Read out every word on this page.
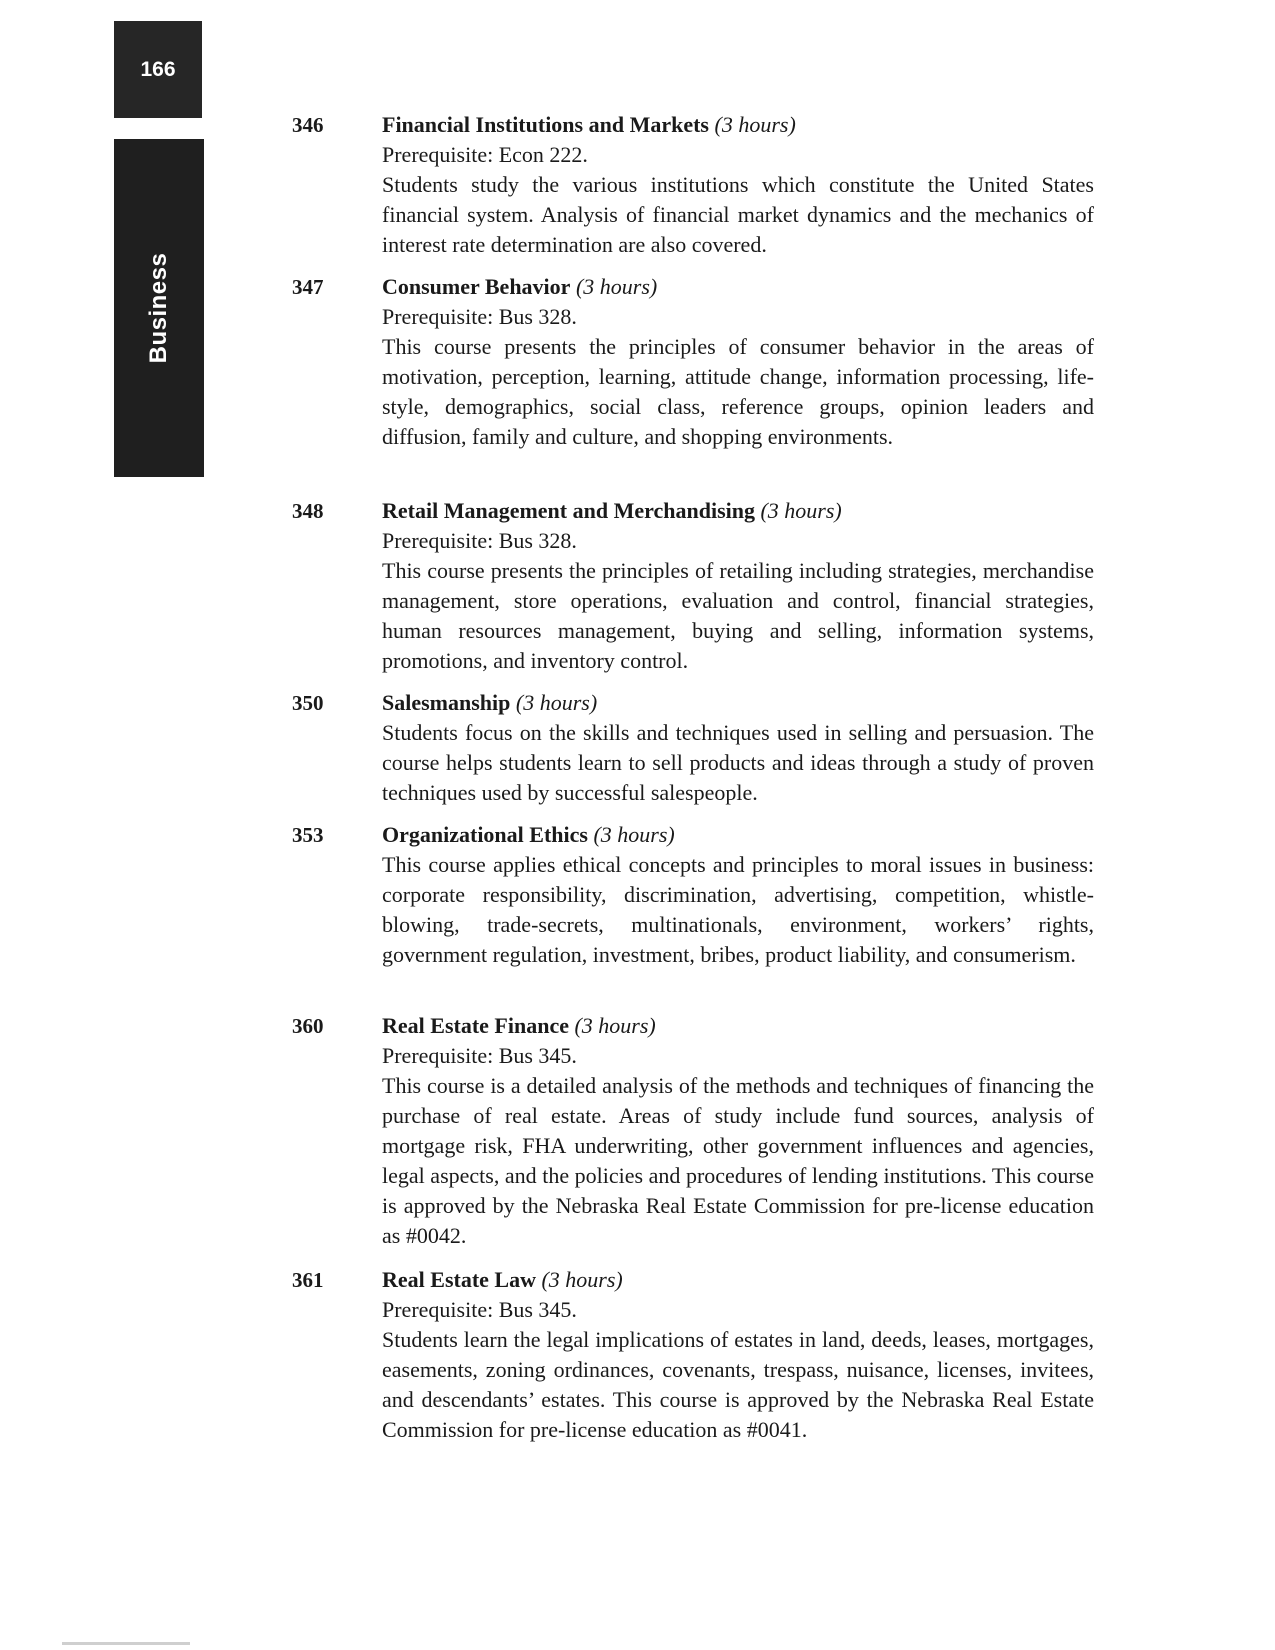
166
Business
346	Financial Institutions and Markets (3 hours)
Prerequisite: Econ 222.

Students study the various institutions which constitute the United States financial system. Analysis of financial market dynamics and the mechanics of interest rate determination are also covered.

347	Consumer Behavior (3 hours)
Prerequisite: Bus 328.

This course presents the principles of consumer behavior in the areas of motivation, perception, learning, attitude change, information processing, life-style, demographics, social class, reference groups, opinion leaders and diffusion, family and culture, and shopping environments.

348	Retail Management and Merchandising (3 hours)
Prerequisite: Bus 328.

This course presents the principles of retailing including strategies, merchandise management, store operations, evaluation and control, financial strategies, human resources management, buying and selling, information systems, promotions, and inventory control.

350	Salesmanship (3 hours)

Students focus on the skills and techniques used in selling and persuasion. The course helps students learn to sell products and ideas through a study of proven techniques used by successful salespeople.

353	Organizational Ethics (3 hours)

This course applies ethical concepts and principles to moral issues in business: corporate responsibility, discrimination, advertising, competition, whistle-blowing, trade-secrets, multinationals, environment, workers’ rights, government regulation, investment, bribes, product liability, and consumerism.

360	Real Estate Finance (3 hours)
Prerequisite: Bus 345.

This course is a detailed analysis of the methods and techniques of financing the purchase of real estate. Areas of study include fund sources, analysis of mortgage risk, FHA underwriting, other government influences and agencies, legal aspects, and the policies and procedures of lending institutions. This course is approved by the Nebraska Real Estate Commission for pre-license education as #0042.

361	Real Estate Law (3 hours)
Prerequisite: Bus 345.

Students learn the legal implications of estates in land, deeds, leases, mortgages, easements, zoning ordinances, covenants, trespass, nuisance, licenses, invitees, and descendants’ estates. This course is approved by the Nebraska Real Estate Commission for pre-license education as #0041.
